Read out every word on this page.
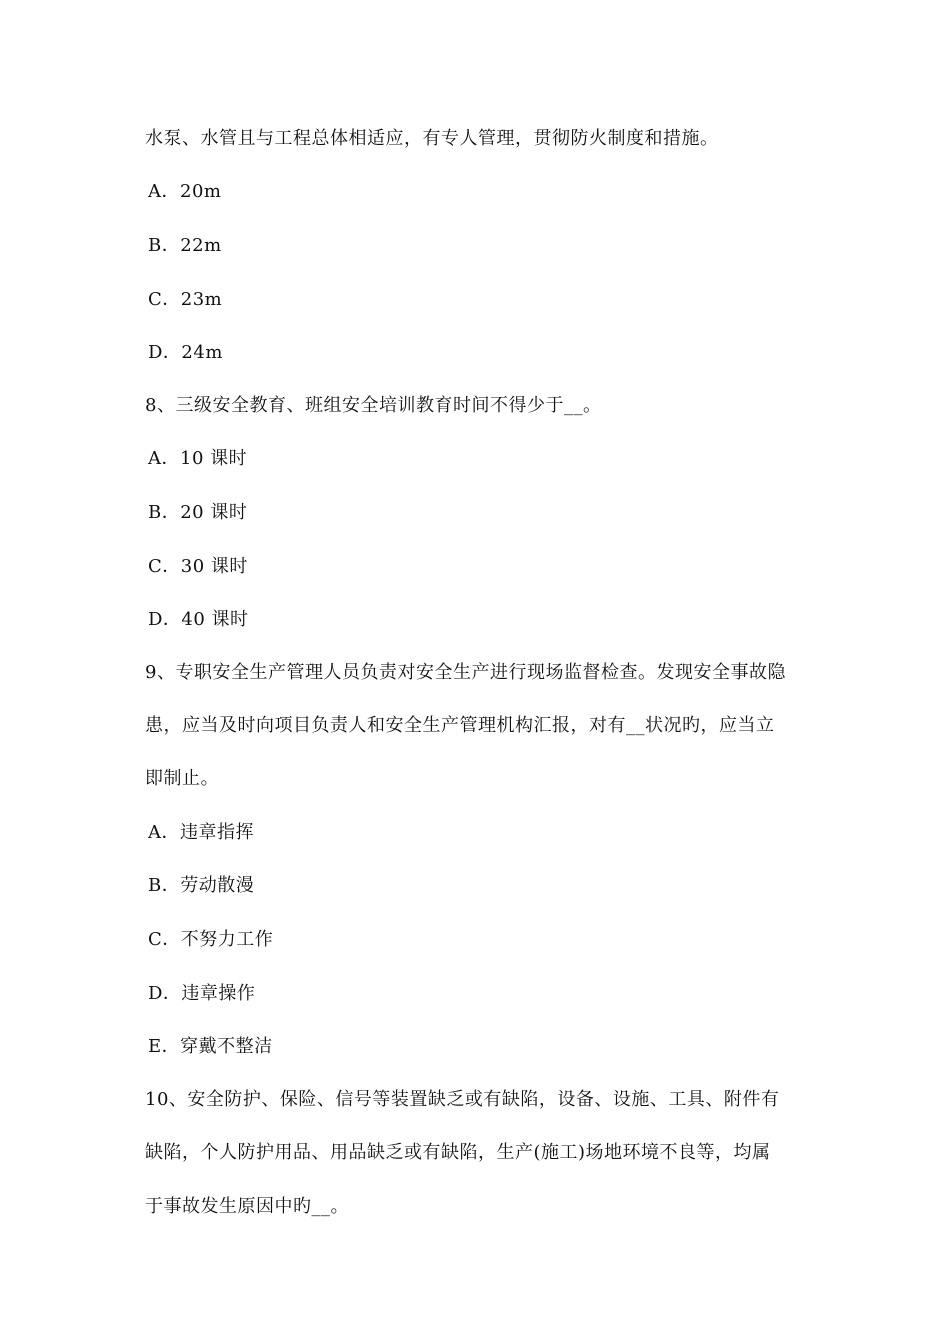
水泵、水管且与工程总体相适应，有专人管理，贯彻防火制度和措施。
A．20m
B．22m
C．23m
D．24m
8、三级安全教育、班组安全培训教育时间不得少于__。
A．10 课时
B．20 课时
C．30 课时
D．40 课时
9、专职安全生产管理人员负责对安全生产进行现场监督检查。发现安全事故隐
患，应当及时向项目负责人和安全生产管理机构汇报，对有__状况旳，应当立
即制止。
A．违章指挥
B．劳动散漫
C．不努力工作
D．违章操作
E．穿戴不整洁
10、安全防护、保险、信号等装置缺乏或有缺陷，设备、设施、工具、附件有
缺陷，个人防护用品、用品缺乏或有缺陷，生产(施工)场地环境不良等，均属
于事故发生原因中旳__。
